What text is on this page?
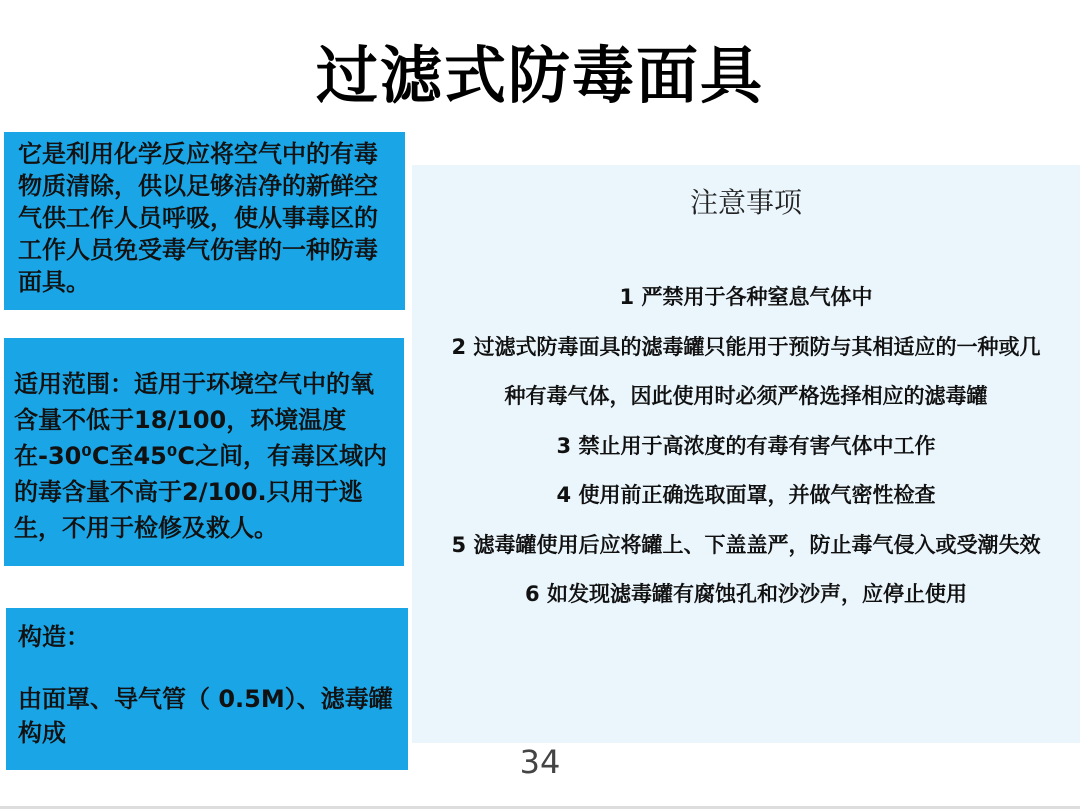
过滤式防毒面具
它是利用化学反应将空气中的有毒物质清除，供以足够洁净的新鲜空气供工作人员呼吸，使从事毒区的工作人员免受毒气伤害的一种防毒面具。
适用范围：适用于环境空气中的氧含量不低于18/100，环境温度在-30⁰C至45⁰C之间，有毒区域内的毒含量不高于2/100.只用于逃生，不用于检修及救人。
构造：
由面罩、导气管（ 0.5M）、滤毒罐构成
注意事项
1 严禁用于各种窒息气体中
2 过滤式防毒面具的滤毒罐只能用于预防与其相适应的一种或几种有毒气体，因此使用时必须严格选择相应的滤毒罐
3 禁止用于高浓度的有毒有害气体中工作
4 使用前正确选取面罩，并做气密性检查
5 滤毒罐使用后应将罐上、下盖盖严，防止毒气侵入或受潮失效
6 如发现滤毒罐有腐蚀孔和沙沙声，应停止使用
34
